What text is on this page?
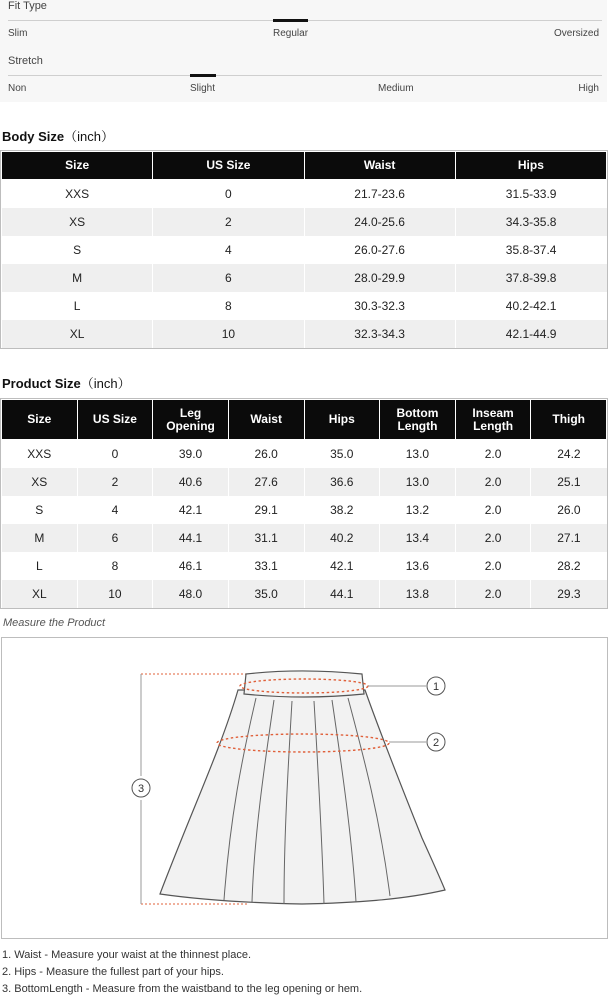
Fit Type
Slim	Regular	Oversized
Stretch
Non	Slight	Medium	High
Body Size（inch）
Size	US Size	Waist	Hips
XXS	0	21.7-23.6	31.5-33.9
XS	2	24.0-25.6	34.3-35.8
S	4	26.0-27.6	35.8-37.4
M	6	28.0-29.9	37.8-39.8
L	8	30.3-32.3	40.2-42.1
XL	10	32.3-34.3	42.1-44.9
Product Size（inch）
Size	US Size	Leg Opening	Waist	Hips	Bottom Length	Inseam Length	Thigh
XXS	0	39.0	26.0	35.0	13.0	2.0	24.2
XS	2	40.6	27.6	36.6	13.0	2.0	25.1
S	4	42.1	29.1	38.2	13.2	2.0	26.0
M	6	44.1	31.1	40.2	13.4	2.0	27.1
L	8	46.1	33.1	42.1	13.6	2.0	28.2
XL	10	48.0	35.0	44.1	13.8	2.0	29.3
Measure the Product
1
2
3
1. Waist - Measure your waist at the thinnest place.
2. Hips - Measure the fullest part of your hips.
3. BottomLength - Measure from the waistband to the leg opening or hem.
